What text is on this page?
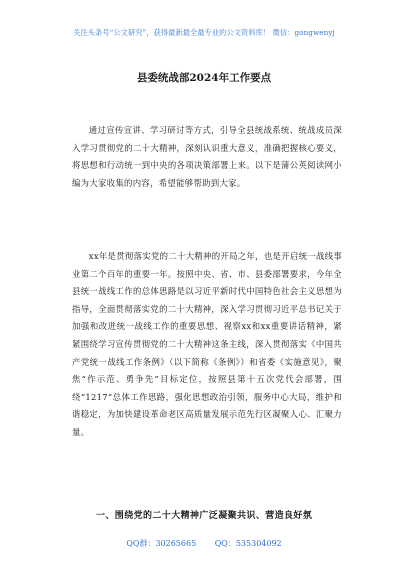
关注头条号“公文研究”，获得最新最全最专业的公文资料库！ 微信：gongwenyj
县委统战部2024年工作要点
通过宣传宣讲、学习研讨等方式，引导全县统战系统、统战成员深入学习贯彻党的二十大精神，深刻认识重大意义，准确把握核心要义，将思想和行动统一到中央的各项决策部署上来。以下是蒲公英阅读网小编为大家收集的内容，希望能够帮助到大家。
xx年是贯彻落实党的二十大精神的开局之年，也是开启统一战线事业第二个百年的重要一年。按照中央、省、市、县委部署要求，今年全县统一战线工作的总体思路是以习近平新时代中国特色社会主义思想为指导，全面贯彻落实党的二十大精神，深入学习贯彻习近平总书记关于加强和改进统一战线工作的重要思想、视察xx和xx重要讲话精神，紧紧围绕学习宣传贯彻党的二十大精神这条主线，深入贯彻落实《中国共产党统一战线工作条例》（以下简称《条例》）和省委《实施意见》，聚焦“作示范、勇争先”目标定位，按照县第十五次党代会部署，围绕“1217”总体工作思路，强化思想政治引领，服务中心大局，维护和谐稳定，为加快建设革命老区高质量发展示范先行区凝聚人心、汇聚力量。
一、围绕党的二十大精神广泛凝聚共识、营造良好氛
QQ群：30265665 QQ：535304092
